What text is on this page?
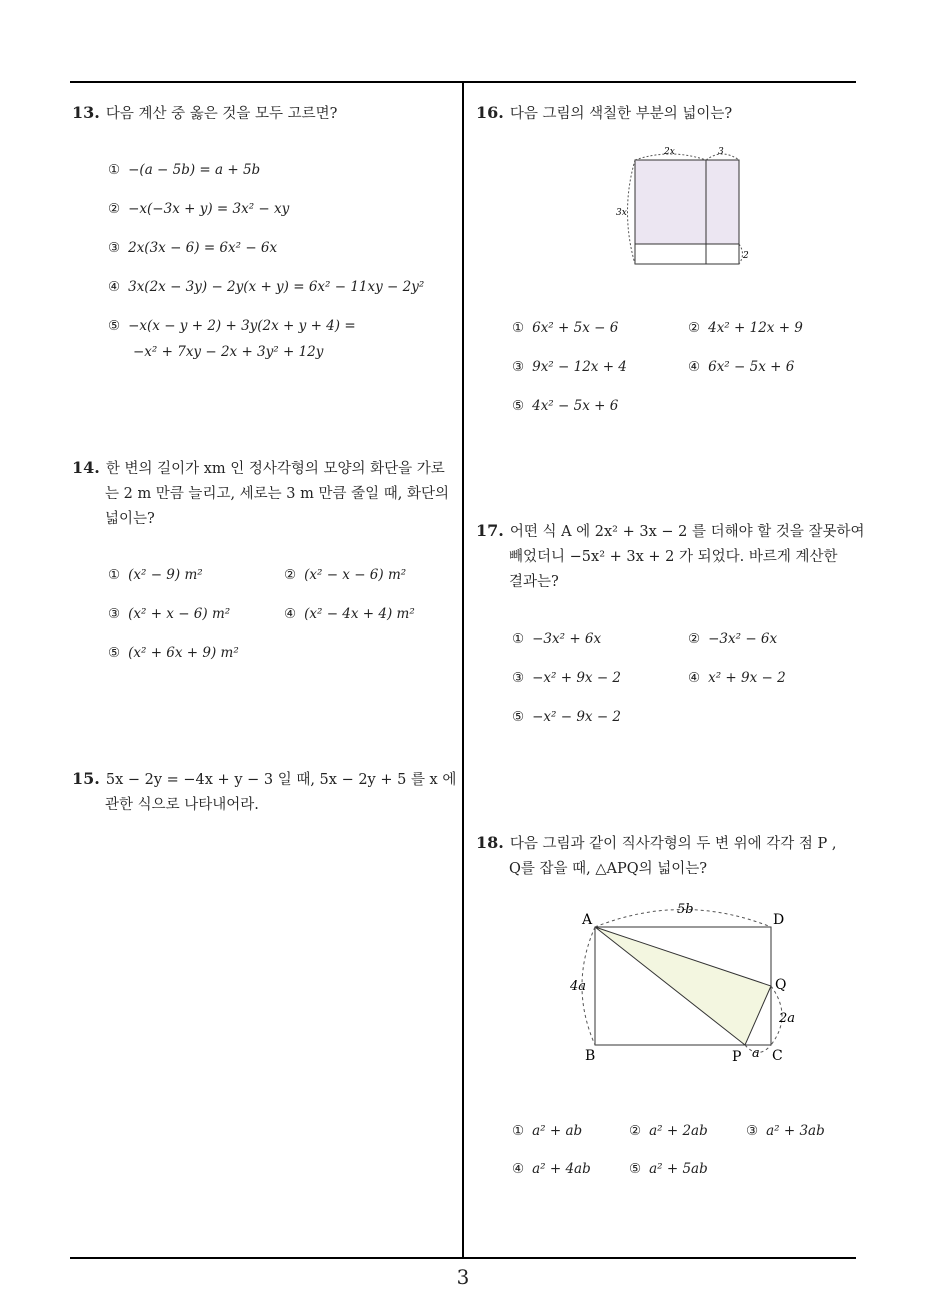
13. 다음 계산 중 옳은 것을 모두 고르면?
① −(a − 5b) = a + 5b
② −x(−3x + y) = 3x² − xy
③ 2x(3x − 6) = 6x² − 6x
④ 3x(2x − 3y) − 2y(x + y) = 6x² − 11xy − 2y²
⑤ −x(x − y + 2) + 3y(2x + y + 4) =
−x² + 7xy − 2x + 3y² + 12y
14. 한 변의 길이가 xm 인 정사각형의 모양의 화단을 가로
는 2 m 만큼 늘리고, 세로는 3 m 만큼 줄일 때, 화단의
넓이는?
① (x² − 9) m²	② (x² − x − 6) m²
③ (x² + x − 6) m²	④ (x² − 4x + 4) m²
⑤ (x² + 6x + 9) m²
15. 5x − 2y = −4x + y − 3 일 때, 5x − 2y + 5 를 x 에
관한 식으로 나타내어라.
16. 다음 그림의 색칠한 부분의 넓이는?
2x	3
3x
2
① 6x² + 5x − 6	② 4x² + 12x + 9
③ 9x² − 12x + 4	④ 6x² − 5x + 6
⑤ 4x² − 5x + 6
17. 어떤 식 A 에 2x² + 3x − 2 를 더해야 할 것을 잘못하여
빼었더니 −5x² + 3x + 2 가 되었다. 바르게 계산한
결과는?
① −3x² + 6x	② −3x² − 6x
③ −x² + 9x − 2	④ x² + 9x − 2
⑤ −x² − 9x − 2
18. 다음 그림과 같이 직사각형의 두 변 위에 각각 점 P ,
Q를 잡을 때, △APQ의 넓이는?
A
B	C
D
P
Q
5b
4a
2a
a
① a² + ab	② a² + 2ab	③ a² + 3ab
④ a² + 4ab	⑤ a² + 5ab
3
